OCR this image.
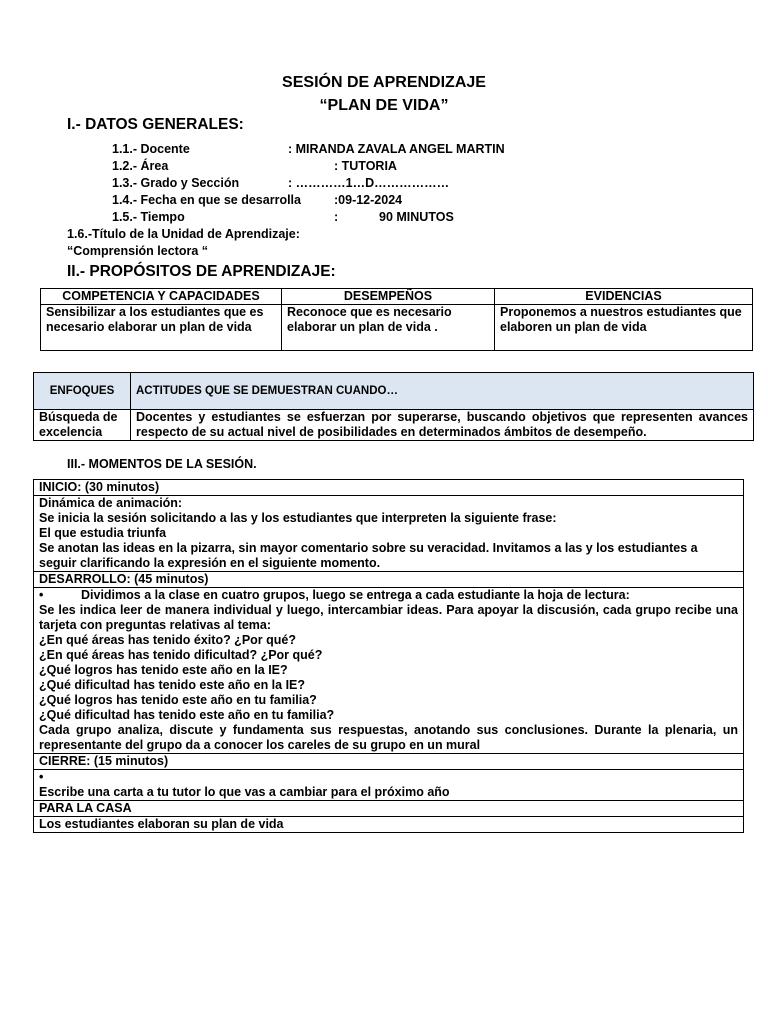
SESIÓN DE APRENDIZAJE
“PLAN DE VIDA”
I.- DATOS GENERALES:
1.1.- Docente	: MIRANDA ZAVALA ANGEL MARTIN
1.2.- Área	: TUTORIA
1.3.- Grado y Sección	: …………1…D………………
1.4.- Fecha en que se desarrolla	:09-12-2024
1.5.- Tiempo	:	90 MINUTOS
1.6.-Título de la Unidad de Aprendizaje:
“Comprensión lectora “
II.- PROPÓSITOS DE APRENDIZAJE:
COMPETENCIA Y CAPACIDADES	DESEMPEÑOS	EVIDENCIAS
Sensibilizar a los estudiantes que es necesario elaborar un plan de vida	Reconoce que es necesario elaborar un plan de vida .	Proponemos a nuestros estudiantes que elaboren un plan de vida
ENFOQUES	ACTITUDES QUE SE DEMUESTRAN CUANDO…
Búsqueda de excelencia	Docentes y estudiantes se esfuerzan por superarse, buscando objetivos que representen avances respecto de su actual nivel de posibilidades en determinados ámbitos de desempeño.
III.- MOMENTOS DE LA SESIÓN.
INICIO: (30 minutos)

Dinámica de animación:
Se inicia la sesión solicitando a las y los estudiantes que interpreten la siguiente frase:
El que estudia triunfa
Se anotan las ideas en la pizarra, sin mayor comentario sobre su veracidad. Invitamos a las y los estudiantes a seguir clarificando la expresión en el siguiente momento.

DESARROLLO: (45 minutos)

•	Dividimos a la clase en cuatro grupos, luego se entrega a cada estudiante la hoja de lectura:
Se les indica leer de manera individual y luego, intercambiar ideas. Para apoyar la discusión, cada grupo recibe una tarjeta con preguntas relativas al tema:
¿En qué áreas has tenido éxito? ¿Por qué?
¿En qué áreas has tenido dificultad? ¿Por qué?
¿Qué logros has tenido este año en la IE?
¿Qué dificultad has tenido este año en la IE?
¿Qué logros has tenido este año en tu familia?
¿Qué dificultad has tenido este año en tu familia?
Cada grupo analiza, discute y fundamenta sus respuestas, anotando sus conclusiones. Durante la plenaria, un representante del grupo da a conocer los careles de su grupo en un mural

CIERRE: (15 minutos)

•
Escribe una carta a tu tutor lo que vas a cambiar para el próximo año

PARA LA CASA
Los estudiantes elaboran su plan de vida
